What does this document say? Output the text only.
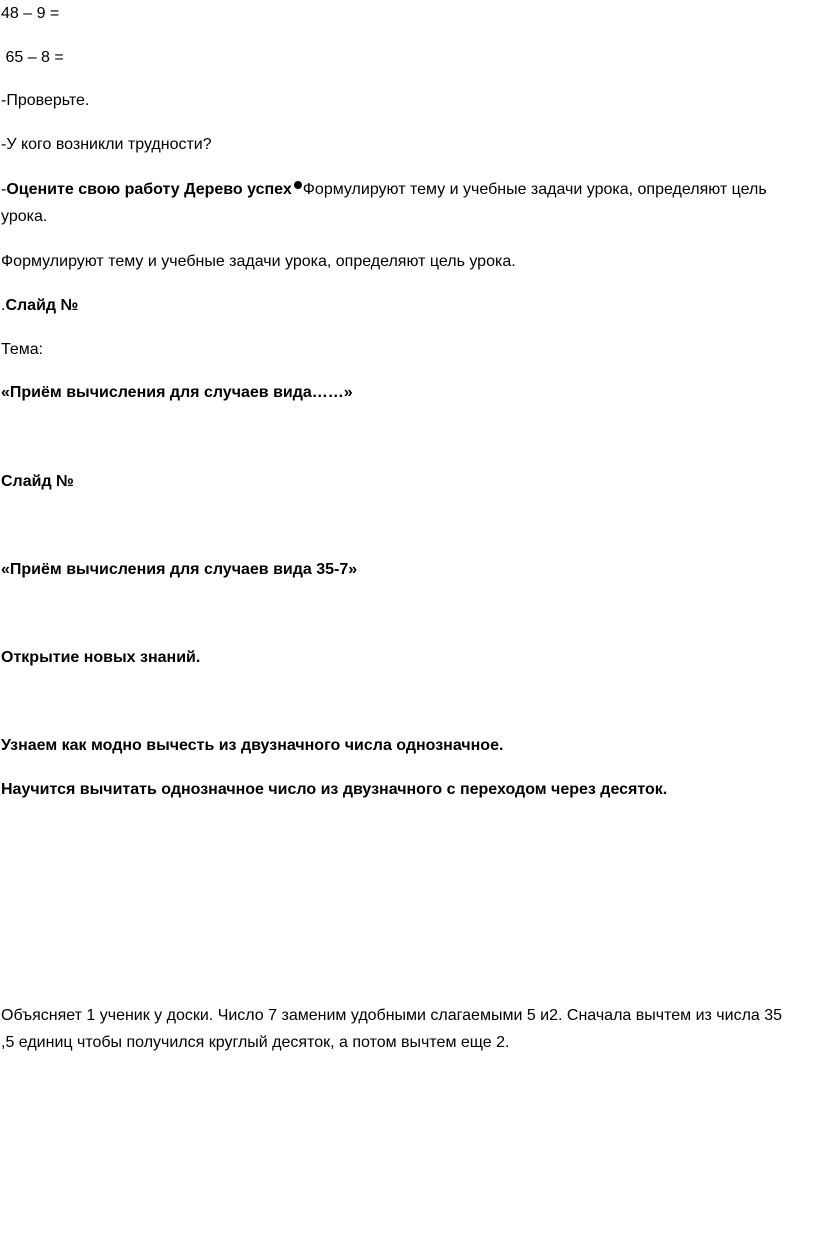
48 – 9 =
65 – 8 =
-Проверьте.
-У кого возникли трудности?
-Оцените свою работу Дерево успех Формулируют тему и учебные задачи урока, определяют цель урока.
Формулируют тему и учебные задачи урока, определяют цель урока.
.Слайд №
Тема:
«Приём вычисления для случаев вида……»
Слайд №
«Приём вычисления для случаев вида 35-7»
Открытие новых знаний.
Узнаем как модно вычесть из двузначного числа однозначное.
Научится вычитать однозначное число из двузначного с переходом через десяток.
Объясняет 1 ученик у доски. Число 7 заменим удобными слагаемыми 5 и2. Сначала вычтем из числа 35 ,5 единиц чтобы получился круглый десяток, а потом вычтем еще 2.
